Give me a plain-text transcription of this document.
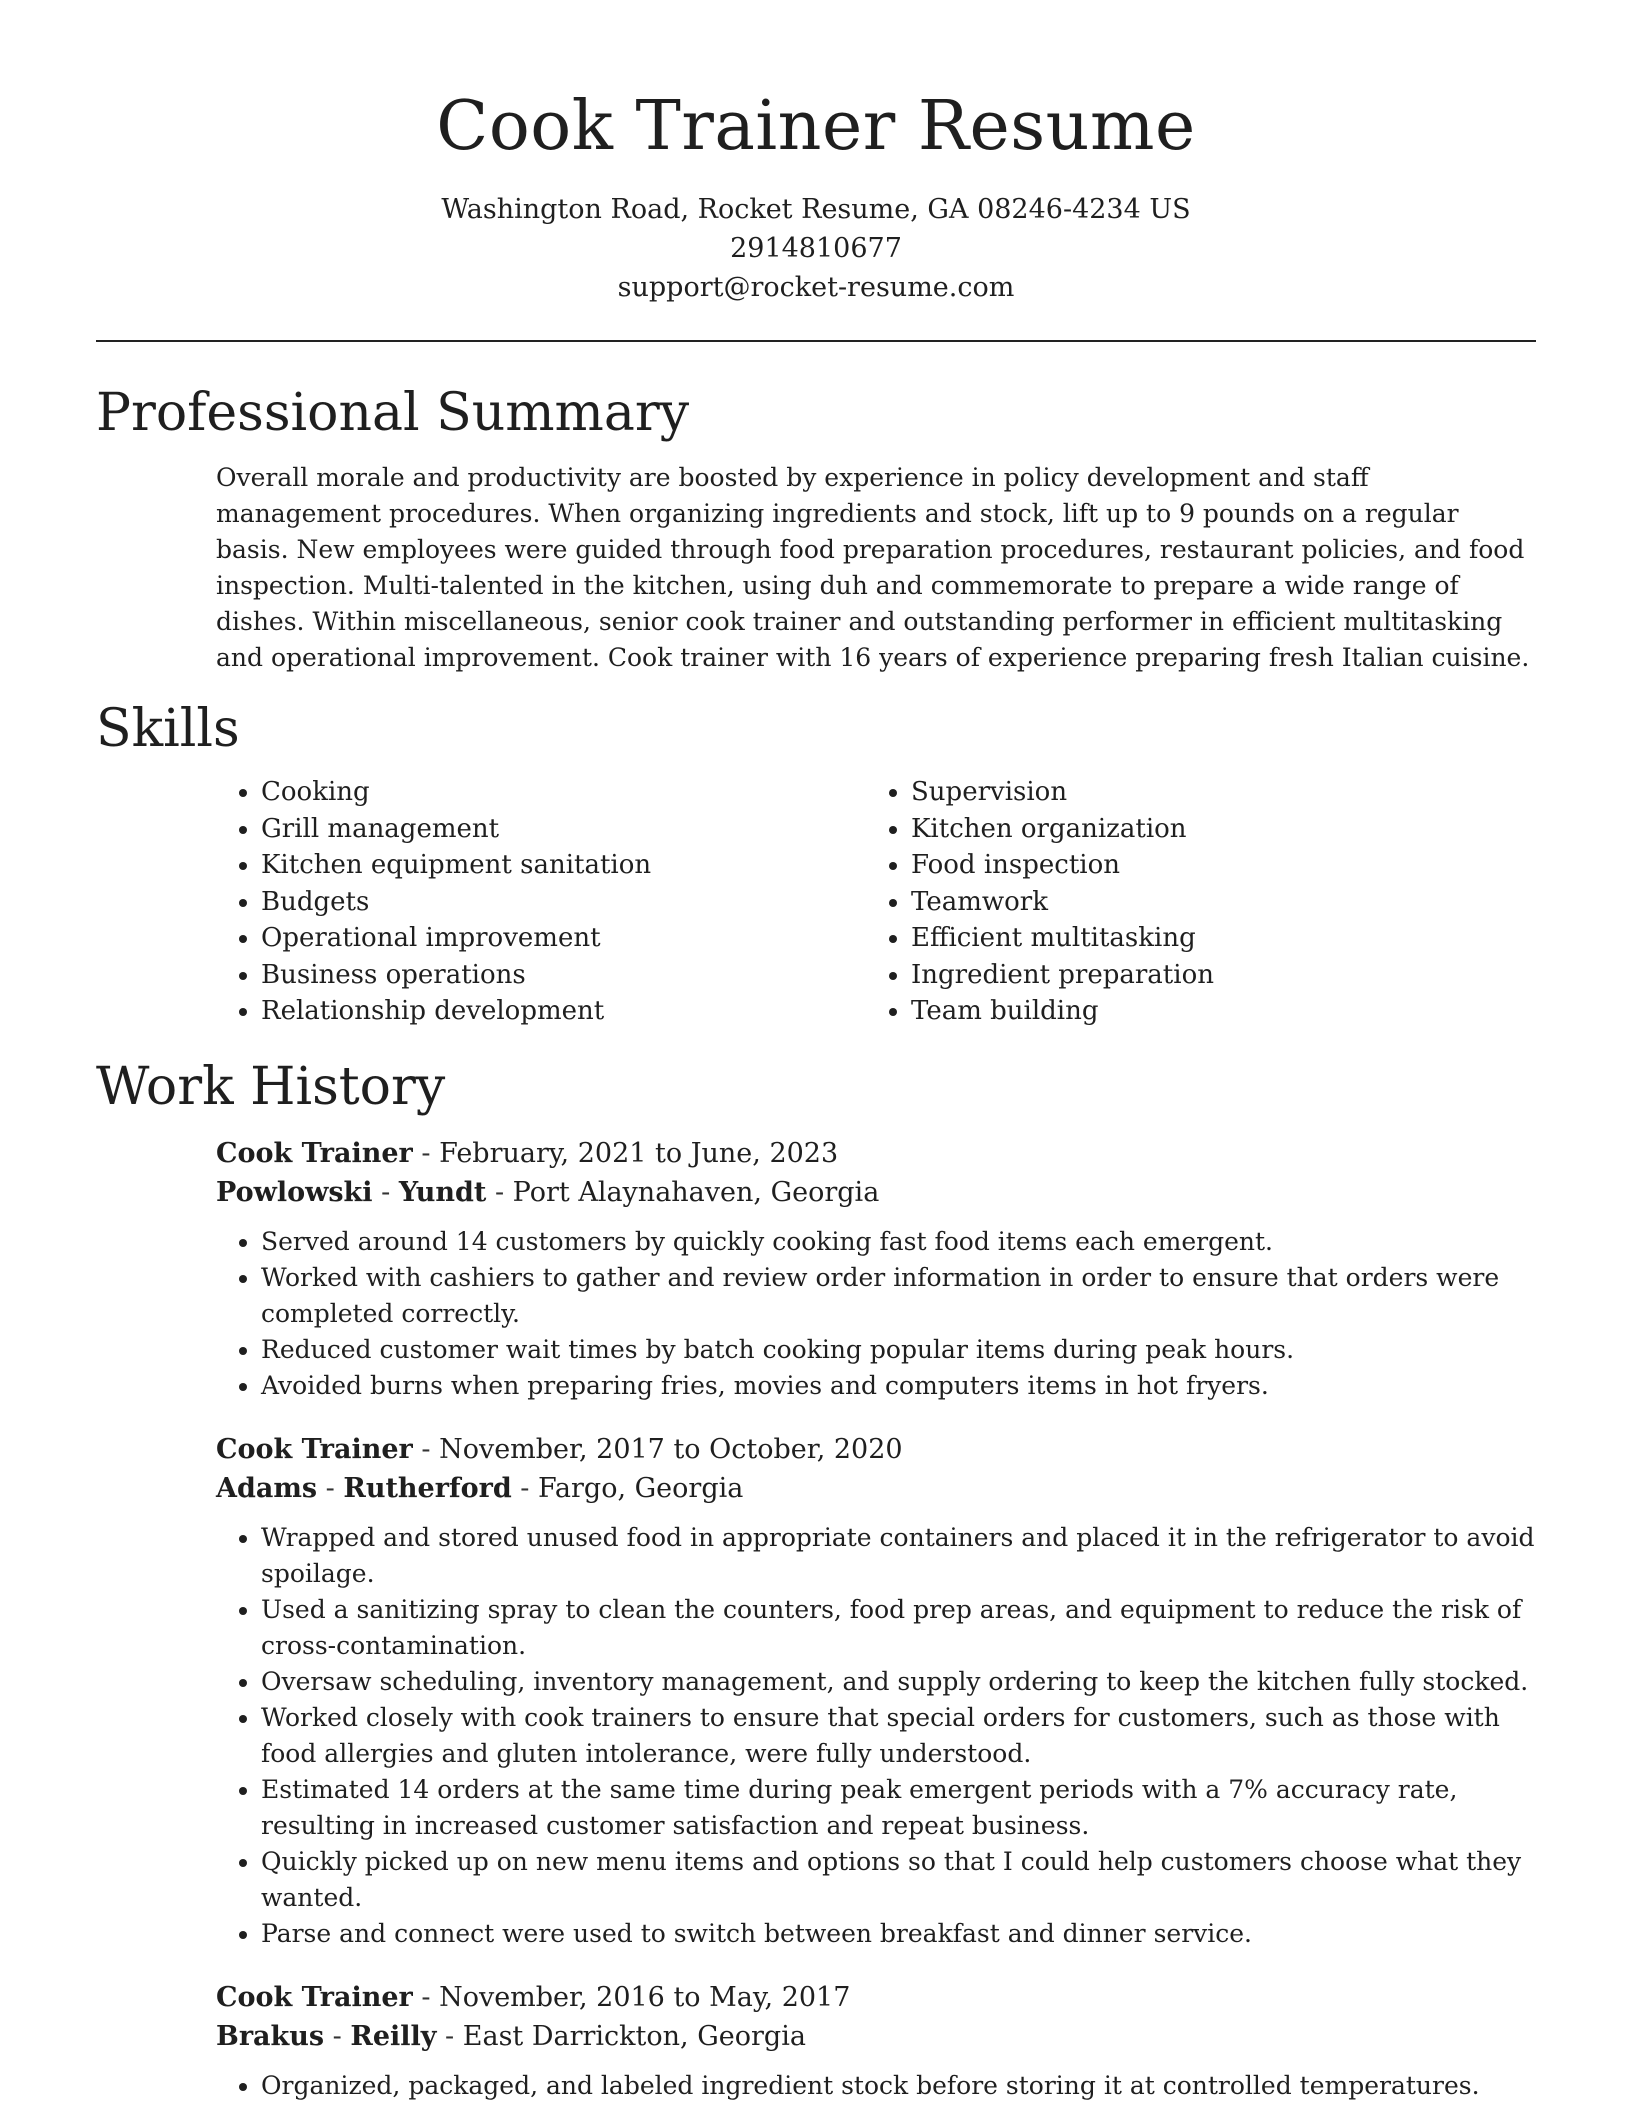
Cook Trainer Resume

Washington Road, Rocket Resume, GA 08246-4234 US

2914810677

support@rocket-resume.com

Professional Summary

Overall morale and productivity are boosted by experience in policy development and staff management procedures. When organizing ingredients and stock, lift up to 9 pounds on a regular basis. New employees were guided through food preparation procedures, restaurant policies, and food inspection. Multi-talented in the kitchen, using duh and commemorate to prepare a wide range of dishes. Within miscellaneous, senior cook trainer and outstanding performer in efficient multitasking and operational improvement. Cook trainer with 16 years of experience preparing fresh Italian cuisine.

Skills
• Cooking
• Grill management
• Kitchen equipment sanitation
• Budgets
• Operational improvement
• Business operations
• Relationship development
• Supervision
• Kitchen organization
• Food inspection
• Teamwork
• Efficient multitasking
• Ingredient preparation
• Team building
Work History

Cook Trainer - February, 2021 to June, 2023

Powlowski - Yundt - Port Alaynahaven, Georgia

• Served around 14 customers by quickly cooking fast food items each emergent.
• Worked with cashiers to gather and review order information in order to ensure that orders were completed correctly.
• Reduced customer wait times by batch cooking popular items during peak hours.
• Avoided burns when preparing fries, movies and computers items in hot fryers.

Cook Trainer - November, 2017 to October, 2020

Adams - Rutherford - Fargo, Georgia

• Wrapped and stored unused food in appropriate containers and placed it in the refrigerator to avoid spoilage.
• Used a sanitizing spray to clean the counters, food prep areas, and equipment to reduce the risk of cross-contamination.
• Oversaw scheduling, inventory management, and supply ordering to keep the kitchen fully stocked.
• Worked closely with cook trainers to ensure that special orders for customers, such as those with food allergies and gluten intolerance, were fully understood.
• Estimated 14 orders at the same time during peak emergent periods with a 7% accuracy rate, resulting in increased customer satisfaction and repeat business.
• Quickly picked up on new menu items and options so that I could help customers choose what they wanted.
• Parse and connect were used to switch between breakfast and dinner service.

Cook Trainer - November, 2016 to May, 2017

Brakus - Reilly - East Darrickton, Georgia

• Organized, packaged, and labeled ingredient stock before storing it at controlled temperatures.
